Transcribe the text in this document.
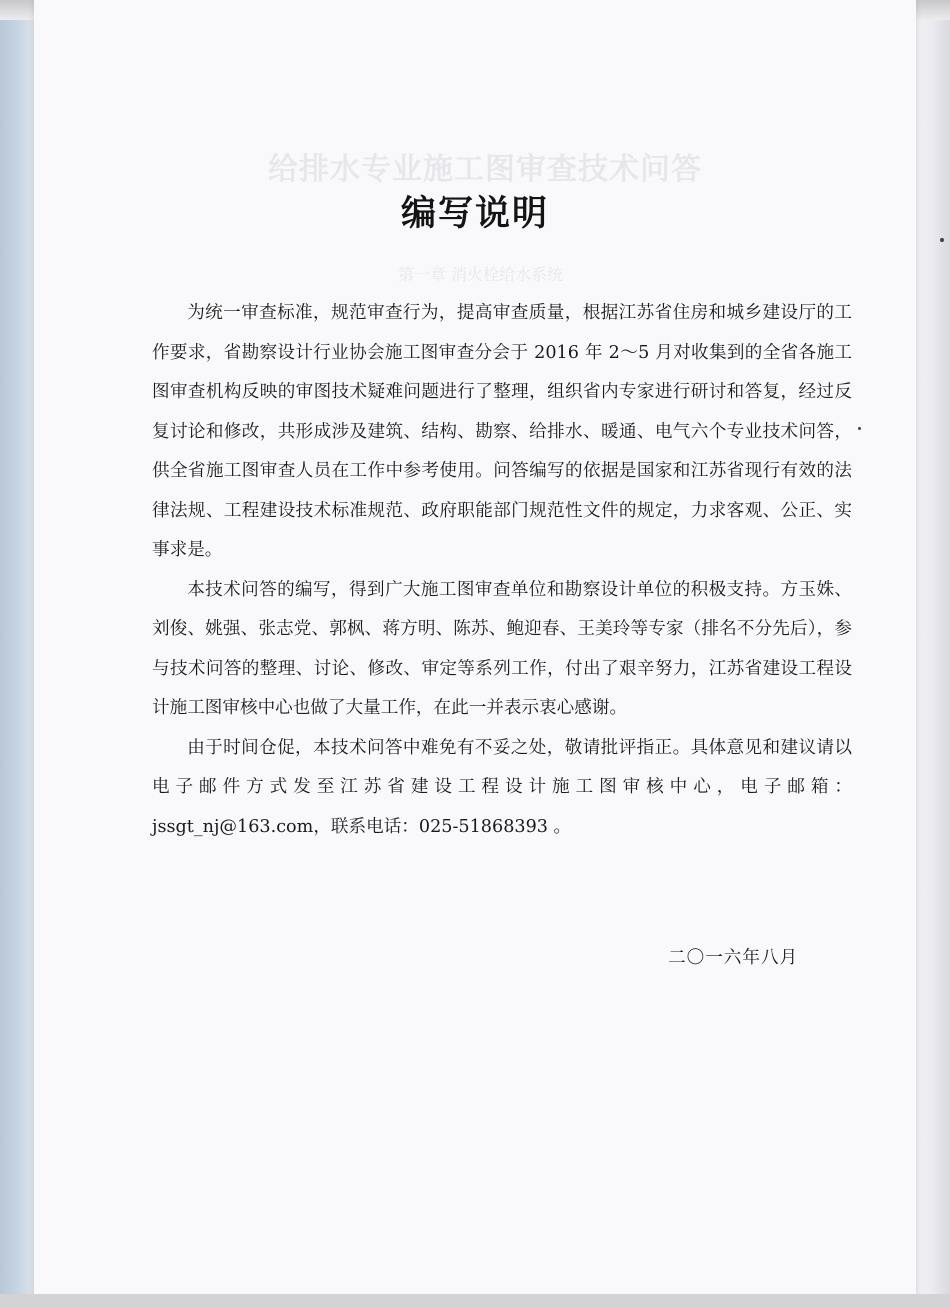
给排水专业施工图审查技术问答
第一章 消火栓给水系统
编写说明

为统一审查标准，规范审查行为，提高审查质量，根据江苏省住房和城乡建设厅的工作要求，省勘察设计行业协会施工图审查分会于 2016 年 2～5 月对收集到的全省各施工图审查机构反映的审图技术疑难问题进行了整理，组织省内专家进行研讨和答复，经过反复讨论和修改，共形成涉及建筑、结构、勘察、给排水、暖通、电气六个专业技术问答，供全省施工图审查人员在工作中参考使用。问答编写的依据是国家和江苏省现行有效的法律法规、工程建设技术标准规范、政府职能部门规范性文件的规定，力求客观、公正、实事求是。

本技术问答的编写，得到广大施工图审查单位和勘察设计单位的积极支持。方玉姝、刘俊、姚强、张志党、郭枫、蒋方明、陈苏、鲍迎春、王美玲等专家（排名不分先后），参与技术问答的整理、讨论、修改、审定等系列工作，付出了艰辛努力，江苏省建设工程设计施工图审核中心也做了大量工作，在此一并表示衷心感谢。

由于时间仓促，本技术问答中难免有不妥之处，敬请批评指正。具体意见和建议请以电子邮件方式发至江苏省建设工程设计施工图审核中心，电子邮箱：jssgt_nj@163.com，联系电话：025-51868393 。

二〇一六年八月
